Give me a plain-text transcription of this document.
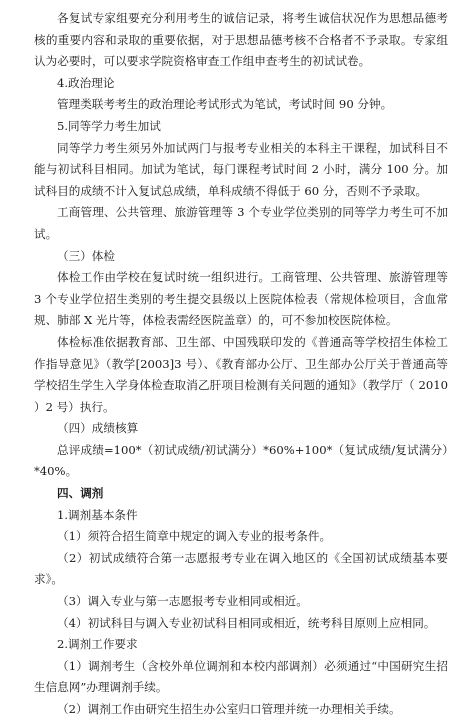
各复试专家组要充分利用考生的诚信记录，将考生诚信状况作为思想品德考核的重要内容和录取的重要依据，对于思想品德考核不合格者不予录取。专家组认为必要时，可以要求学院资格审查工作组申查考生的初试试卷。

4.政治理论

管理类联考考生的政治理论考试形式为笔试，考试时间 90 分钟。

5.同等学力考生加试

同等学力考生须另外加试两门与报考专业相关的本科主干课程，加试科目不能与初试科目相同。加试为笔试，每门课程考试时间 2 小时，满分 100 分。加试科目的成绩不计入复试总成绩，单科成绩不得低于 60 分，否则不予录取。

工商管理、公共管理、旅游管理等 3 个专业学位类别的同等学力考生可不加试。

（三）体检

体检工作由学校在复试时统一组织进行。工商管理、公共管理、旅游管理等 3 个专业学位招生类别的考生提交县级以上医院体检表（常规体检项目，含血常规、肺部 X 光片等，体检表需经医院盖章）的，可不参加校医院体检。

体检标准依据教育部、卫生部、中国残联印发的《普通高等学校招生体检工作指导意见》（教学[2003]3 号）、《教育部办公厅、卫生部办公厅关于普通高等学校招生学生入学身体检查取消乙肝项目检测有关问题的通知》（教学厅（ 2010 ）2 号）执行。

（四）成绩核算

总评成绩=100*（初试成绩/初试满分）*60%+100*（复试成绩/复试满分）*40%。

四、调剂

1.调剂基本条件

（1）须符合招生简章中规定的调入专业的报考条件。

（2）初试成绩符合第一志愿报考专业在调入地区的《全国初试成绩基本要求》。

（3）调入专业与第一志愿报考专业相同或相近。

（4）初试科目与调入专业初试科目相同或相近，统考科目原则上应相同。

2.调剂工作要求

（1）调剂考生（含校外单位调剂和本校内部调剂）必须通过“中国研究生招生信息网”办理调剂手续。

（2）调剂工作由研究生招生办公室归口管理并统一办理相关手续。
